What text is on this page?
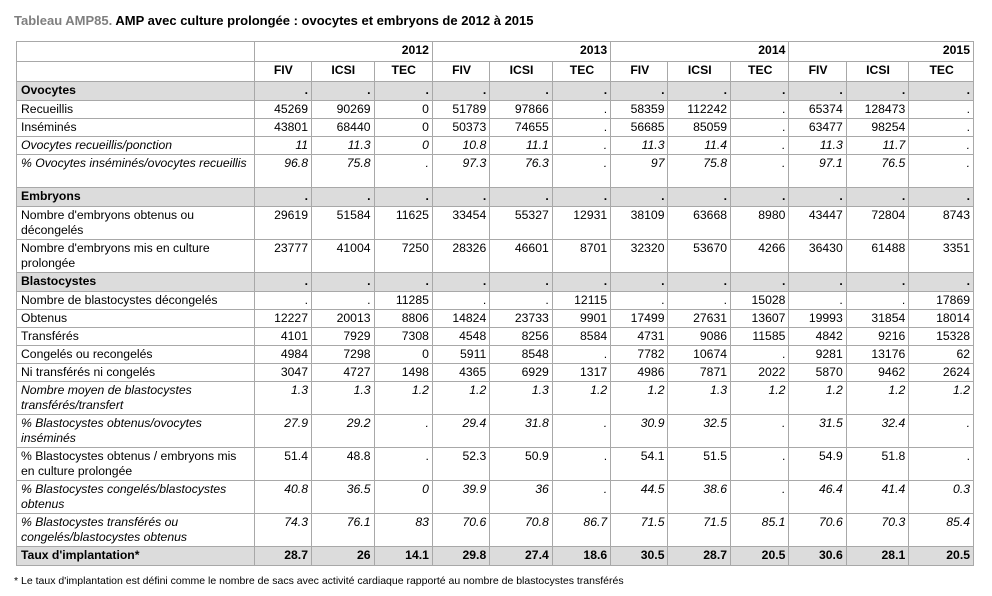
Tableau AMP85. AMP avec culture prolongée : ovocytes et embryons de 2012 à 2015
	2012			2013			2014			2015		
	FIV	ICSI	TEC	FIV	ICSI	TEC	FIV	ICSI	TEC	FIV	ICSI	TEC
Ovocytes	.	.	.	.	.	.	.	.	.	.	.	.
Recueillis	45269	90269	0	51789	97866	.	58359	112242	.	65374	128473	.
Inséminés	43801	68440	0	50373	74655	.	56685	85059	.	63477	98254	.
Ovocytes recueillis/ponction	11	11.3	0	10.8	11.1	.	11.3	11.4	.	11.3	11.7	.
% Ovocytes inséminés/ovocytes recueillis	96.8	75.8	.	97.3	76.3	.	97	75.8	.	97.1	76.5	.
Embryons	.	.	.	.	.	.	.	.	.	.	.	.
Nombre d'embryons obtenus ou décongelés	29619	51584	11625	33454	55327	12931	38109	63668	8980	43447	72804	8743
Nombre d'embryons mis en culture prolongée	23777	41004	7250	28326	46601	8701	32320	53670	4266	36430	61488	3351
Blastocystes	.	.	.	.	.	.	.	.	.	.	.	.
Nombre de blastocystes décongelés	.	.	11285	.	.	12115	.	.	15028	.	.	17869
Obtenus	12227	20013	8806	14824	23733	9901	17499	27631	13607	19993	31854	18014
Transférés	4101	7929	7308	4548	8256	8584	4731	9086	11585	4842	9216	15328
Congelés ou recongelés	4984	7298	0	5911	8548	.	7782	10674	.	9281	13176	62
Ni transférés ni congelés	3047	4727	1498	4365	6929	1317	4986	7871	2022	5870	9462	2624
Nombre moyen de blastocystes transférés/transfert	1.3	1.3	1.2	1.2	1.3	1.2	1.2	1.3	1.2	1.2	1.2	1.2
% Blastocystes obtenus/ovocytes inséminés	27.9	29.2	.	29.4	31.8	.	30.9	32.5	.	31.5	32.4	.
% Blastocystes obtenus / embryons mis en culture prolongée	51.4	48.8	.	52.3	50.9	.	54.1	51.5	.	54.9	51.8	.
% Blastocystes congelés/blastocystes obtenus	40.8	36.5	0	39.9	36	.	44.5	38.6	.	46.4	41.4	0.3
% Blastocystes transférés ou congelés/blastocystes obtenus	74.3	76.1	83	70.6	70.8	86.7	71.5	71.5	85.1	70.6	70.3	85.4
Taux d'implantation*	28.7	26	14.1	29.8	27.4	18.6	30.5	28.7	20.5	30.6	28.1	20.5
* Le taux d'implantation est défini comme le nombre de sacs avec activité cardiaque rapporté au nombre de blastocystes transférés
